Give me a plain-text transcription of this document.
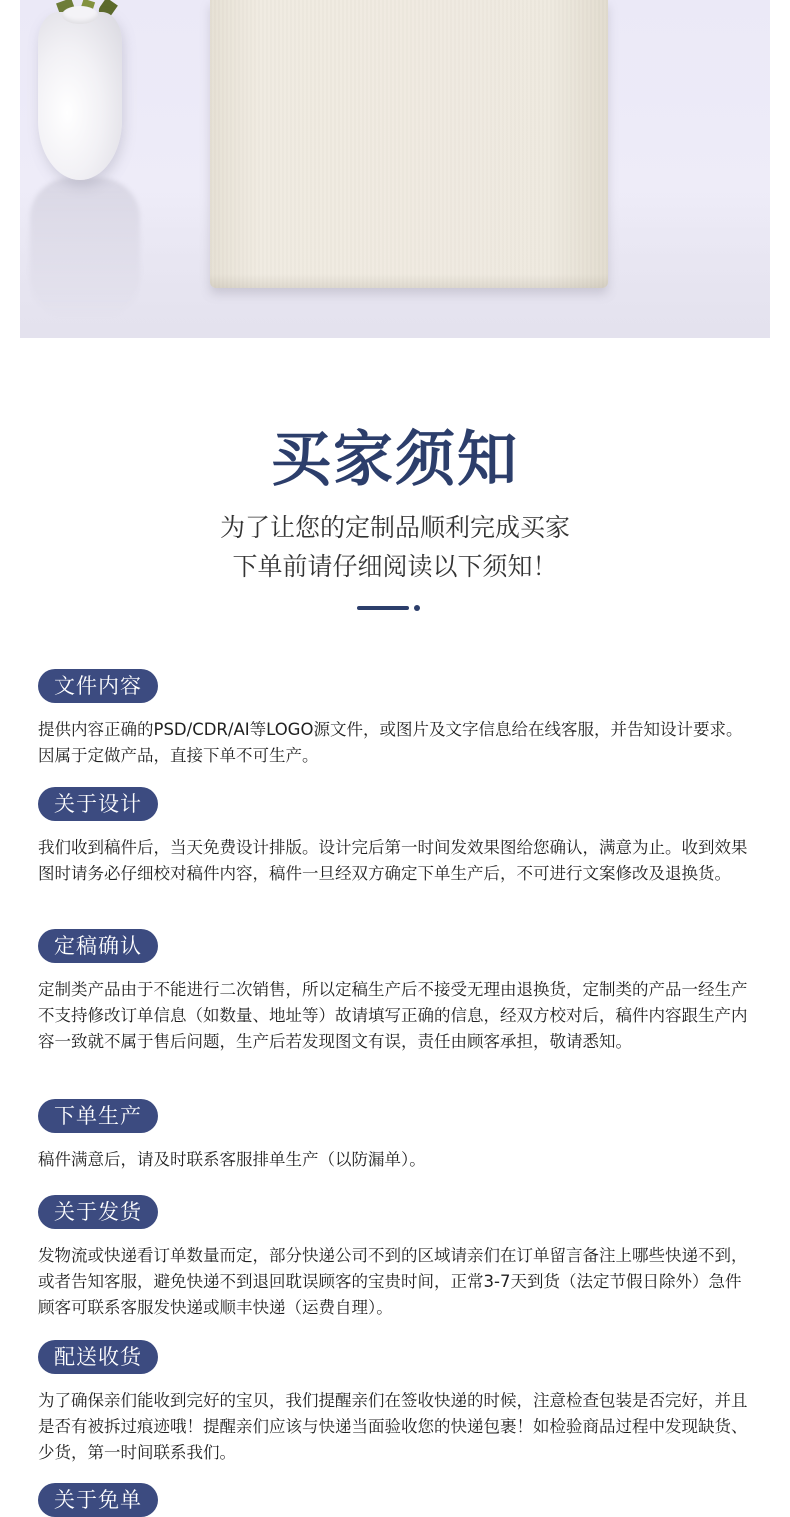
买家须知
为了让您的定制品顺利完成买家
下单前请仔细阅读以下须知！
文件内容
提供内容正确的PSD/CDR/AI等LOGO源文件，或图片及文字信息给在线客服，并告知设计要求。因属于定做产品，直接下单不可生产。
关于设计
我们收到稿件后，当天免费设计排版。设计完后第一时间发效果图给您确认，满意为止。收到效果图时请务必仔细校对稿件内容，稿件一旦经双方确定下单生产后，不可进行文案修改及退换货。
定稿确认
定制类产品由于不能进行二次销售，所以定稿生产后不接受无理由退换货，定制类的产品一经生产不支持修改订单信息（如数量、地址等）故请填写正确的信息，经双方校对后，稿件内容跟生产内容一致就不属于售后问题，生产后若发现图文有误，责任由顾客承担，敬请悉知。
下单生产
稿件满意后，请及时联系客服排单生产（以防漏单）。
关于发货
发物流或快递看订单数量而定，部分快递公司不到的区域请亲们在订单留言备注上哪些快递不到，或者告知客服，避免快递不到退回耽误顾客的宝贵时间，正常3-7天到货（法定节假日除外）急件顾客可联系客服发快递或顺丰快递（运费自理）。
配送收货
为了确保亲们能收到完好的宝贝，我们提醒亲们在签收快递的时候，注意检查包装是否完好，并且是否有被拆过痕迹哦！提醒亲们应该与快递当面验收您的快递包裹！如检验商品过程中发现缺货、少货，第一时间联系我们。
关于免单
